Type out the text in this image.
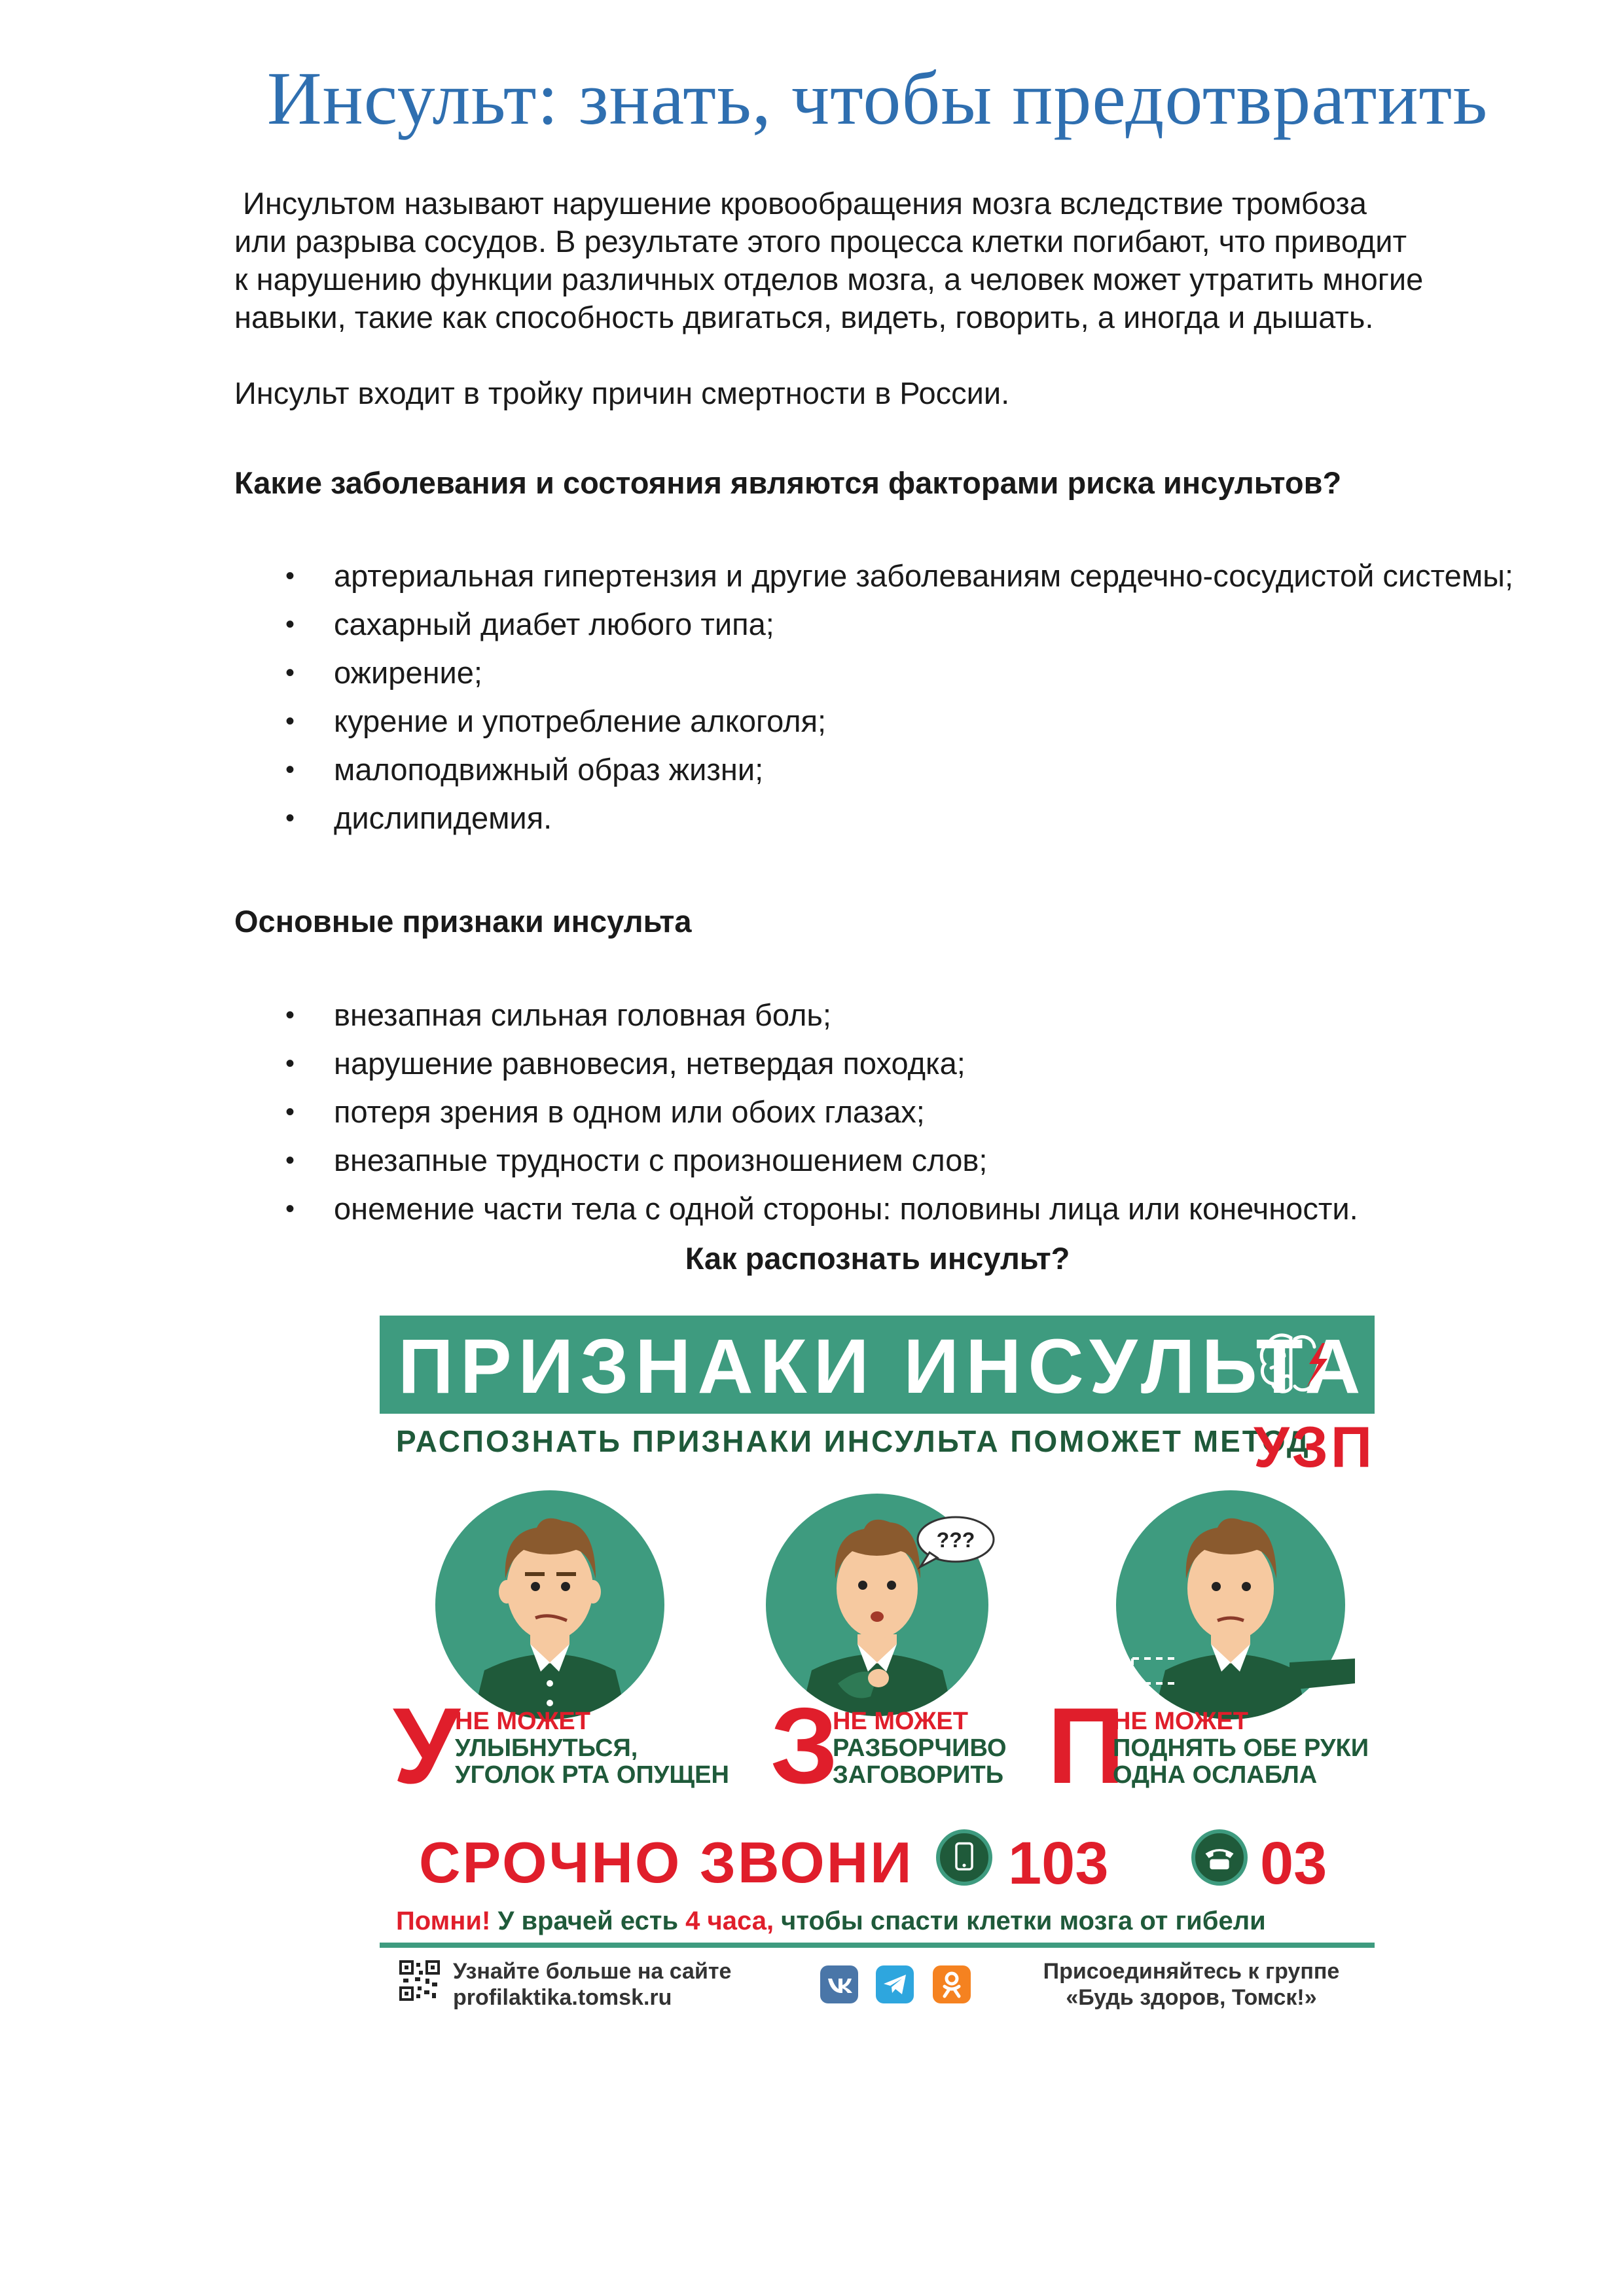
Инсульт: знать, чтобы предотвратить
Инсультом называют нарушение кровообращения мозга вследствие тромбоза
или разрыва сосудов. В результате этого процесса клетки погибают, что приводит
к нарушению функции различных отделов мозга, а человек может утратить многие
навыки, такие как способность двигаться, видеть, говорить, а иногда и дышать.
Инсульт входит в тройку причин смертности в России.
Какие заболевания и состояния являются факторами риска инсультов?
• артериальная гипертензия и другие заболеваниям сердечно-сосудистой системы;
• сахарный диабет любого типа;
• ожирение;
• курение и употребление алкоголя;
• малоподвижный образ жизни;
• дислипидемия.
Основные признаки инсульта
• внезапная сильная головная боль;
• нарушение равновесия, нетвердая походка;
• потеря зрения в одном или обоих глазах;
• внезапные трудности с произношением слов;
• онемение части тела с одной стороны: половины лица или конечности.
Как распознать инсульт?
ПРИЗНАКИ ИНСУЛЬТА
РАСПОЗНАТЬ ПРИЗНАКИ ИНСУЛЬТА ПОМОЖЕТ МЕТОД
УЗП
???
У
НЕ МОЖЕТ
УЛЫБНУТЬСЯ,
УГОЛОК РТА ОПУЩЕН З
НЕ МОЖЕТ
РАЗБОРЧИВО
ЗАГОВОРИТЬ П
НЕ МОЖЕТ
ПОДНЯТЬ ОБЕ РУКИ
ОДНА ОСЛАБЛА
СРОЧНО ЗВОНИ 103	03
Помни! У врачей есть 4 часа, чтобы спасти клетки мозга от гибели
Узнайте больше на сайте
profilaktika.tomsk.ru
Присоединяйтесь к группе
«Будь здоров, Томск!»
